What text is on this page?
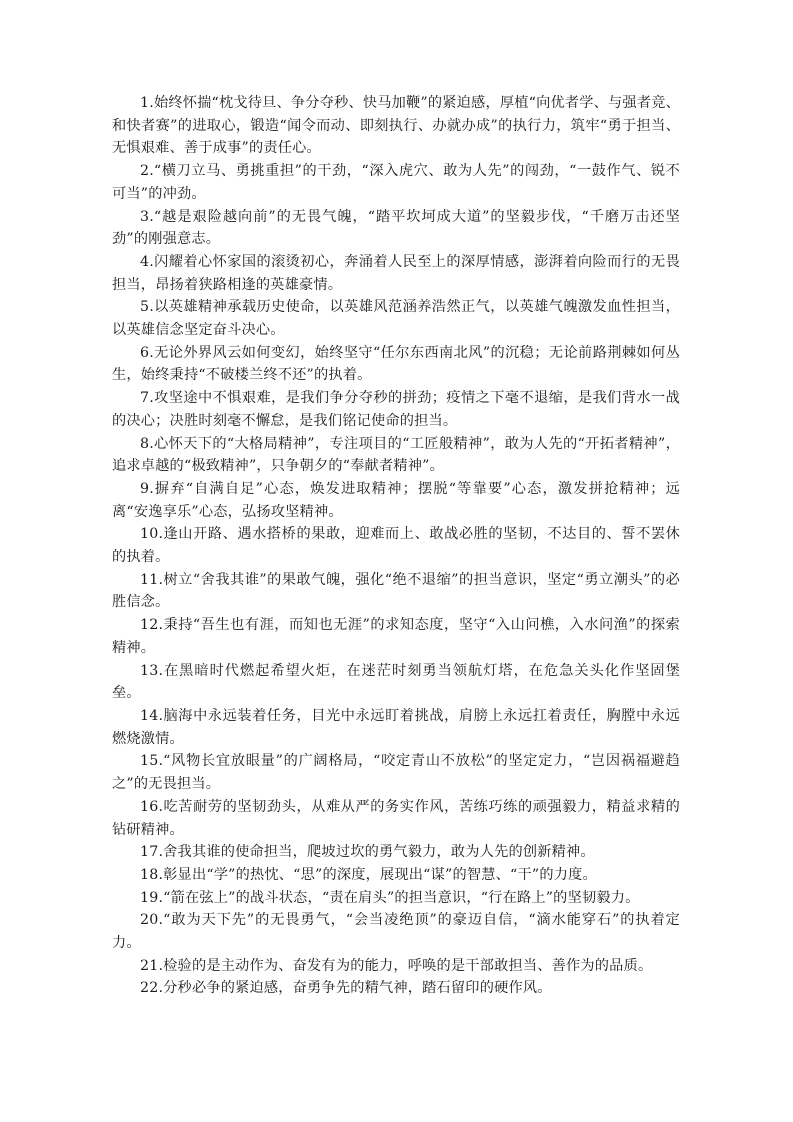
1.始终怀揣“枕戈待旦、争分夺秒、快马加鞭”的紧迫感，厚植“向优者学、与强者竞、和快者赛”的进取心，锻造“闻令而动、即刻执行、办就办成”的执行力，筑牢“勇于担当、无惧艰难、善于成事”的责任心。

2.“横刀立马、勇挑重担”的干劲，“深入虎穴、敢为人先”的闯劲，“一鼓作气、锐不可当”的冲劲。

3.“越是艰险越向前”的无畏气魄，“踏平坎坷成大道”的坚毅步伐，“千磨万击还坚劲”的刚强意志。

4.闪耀着心怀家国的滚烫初心，奔涌着人民至上的深厚情感，澎湃着向险而行的无畏担当，昂扬着狭路相逢的英雄豪情。

5.以英雄精神承载历史使命，以英雄风范涵养浩然正气，以英雄气魄激发血性担当，以英雄信念坚定奋斗决心。

6.无论外界风云如何变幻，始终坚守“任尔东西南北风”的沉稳；无论前路荆棘如何丛生，始终秉持“不破楼兰终不还”的执着。

7.攻坚途中不惧艰难，是我们争分夺秒的拼劲；疫情之下毫不退缩，是我们背水一战的决心；决胜时刻毫不懈怠，是我们铭记使命的担当。

8.心怀天下的“大格局精神”，专注项目的“工匠般精神”，敢为人先的“开拓者精神”，追求卓越的“极致精神”，只争朝夕的“奉献者精神”。

9.摒弃“自满自足”心态，焕发进取精神；摆脱“等靠要”心态，激发拼抢精神；远离“安逸享乐”心态，弘扬攻坚精神。

10.逢山开路、遇水搭桥的果敢，迎难而上、敢战必胜的坚韧，不达目的、誓不罢休的执着。

11.树立“舍我其谁”的果敢气魄，强化“绝不退缩”的担当意识，坚定“勇立潮头”的必胜信念。

12.秉持“吾生也有涯，而知也无涯”的求知态度，坚守“入山问樵，入水问渔”的探索精神。

13.在黑暗时代燃起希望火炬，在迷茫时刻勇当领航灯塔，在危急关头化作坚固堡垒。

14.脑海中永远装着任务，目光中永远盯着挑战，肩膀上永远扛着责任，胸膛中永远燃烧激情。

15.“风物长宜放眼量”的广阔格局，“咬定青山不放松”的坚定定力，“岂因祸福避趋之”的无畏担当。

16.吃苦耐劳的坚韧劲头，从难从严的务实作风，苦练巧练的顽强毅力，精益求精的钻研精神。

17.舍我其谁的使命担当，爬坡过坎的勇气毅力，敢为人先的创新精神。

18.彰显出“学”的热忱、“思”的深度，展现出“谋”的智慧、“干”的力度。

19.“箭在弦上”的战斗状态，“责在肩头”的担当意识，“行在路上”的坚韧毅力。

20.“敢为天下先”的无畏勇气，“会当凌绝顶”的豪迈自信，“滴水能穿石”的执着定力。

21.检验的是主动作为、奋发有为的能力，呼唤的是干部敢担当、善作为的品质。

22.分秒必争的紧迫感，奋勇争先的精气神，踏石留印的硬作风。
